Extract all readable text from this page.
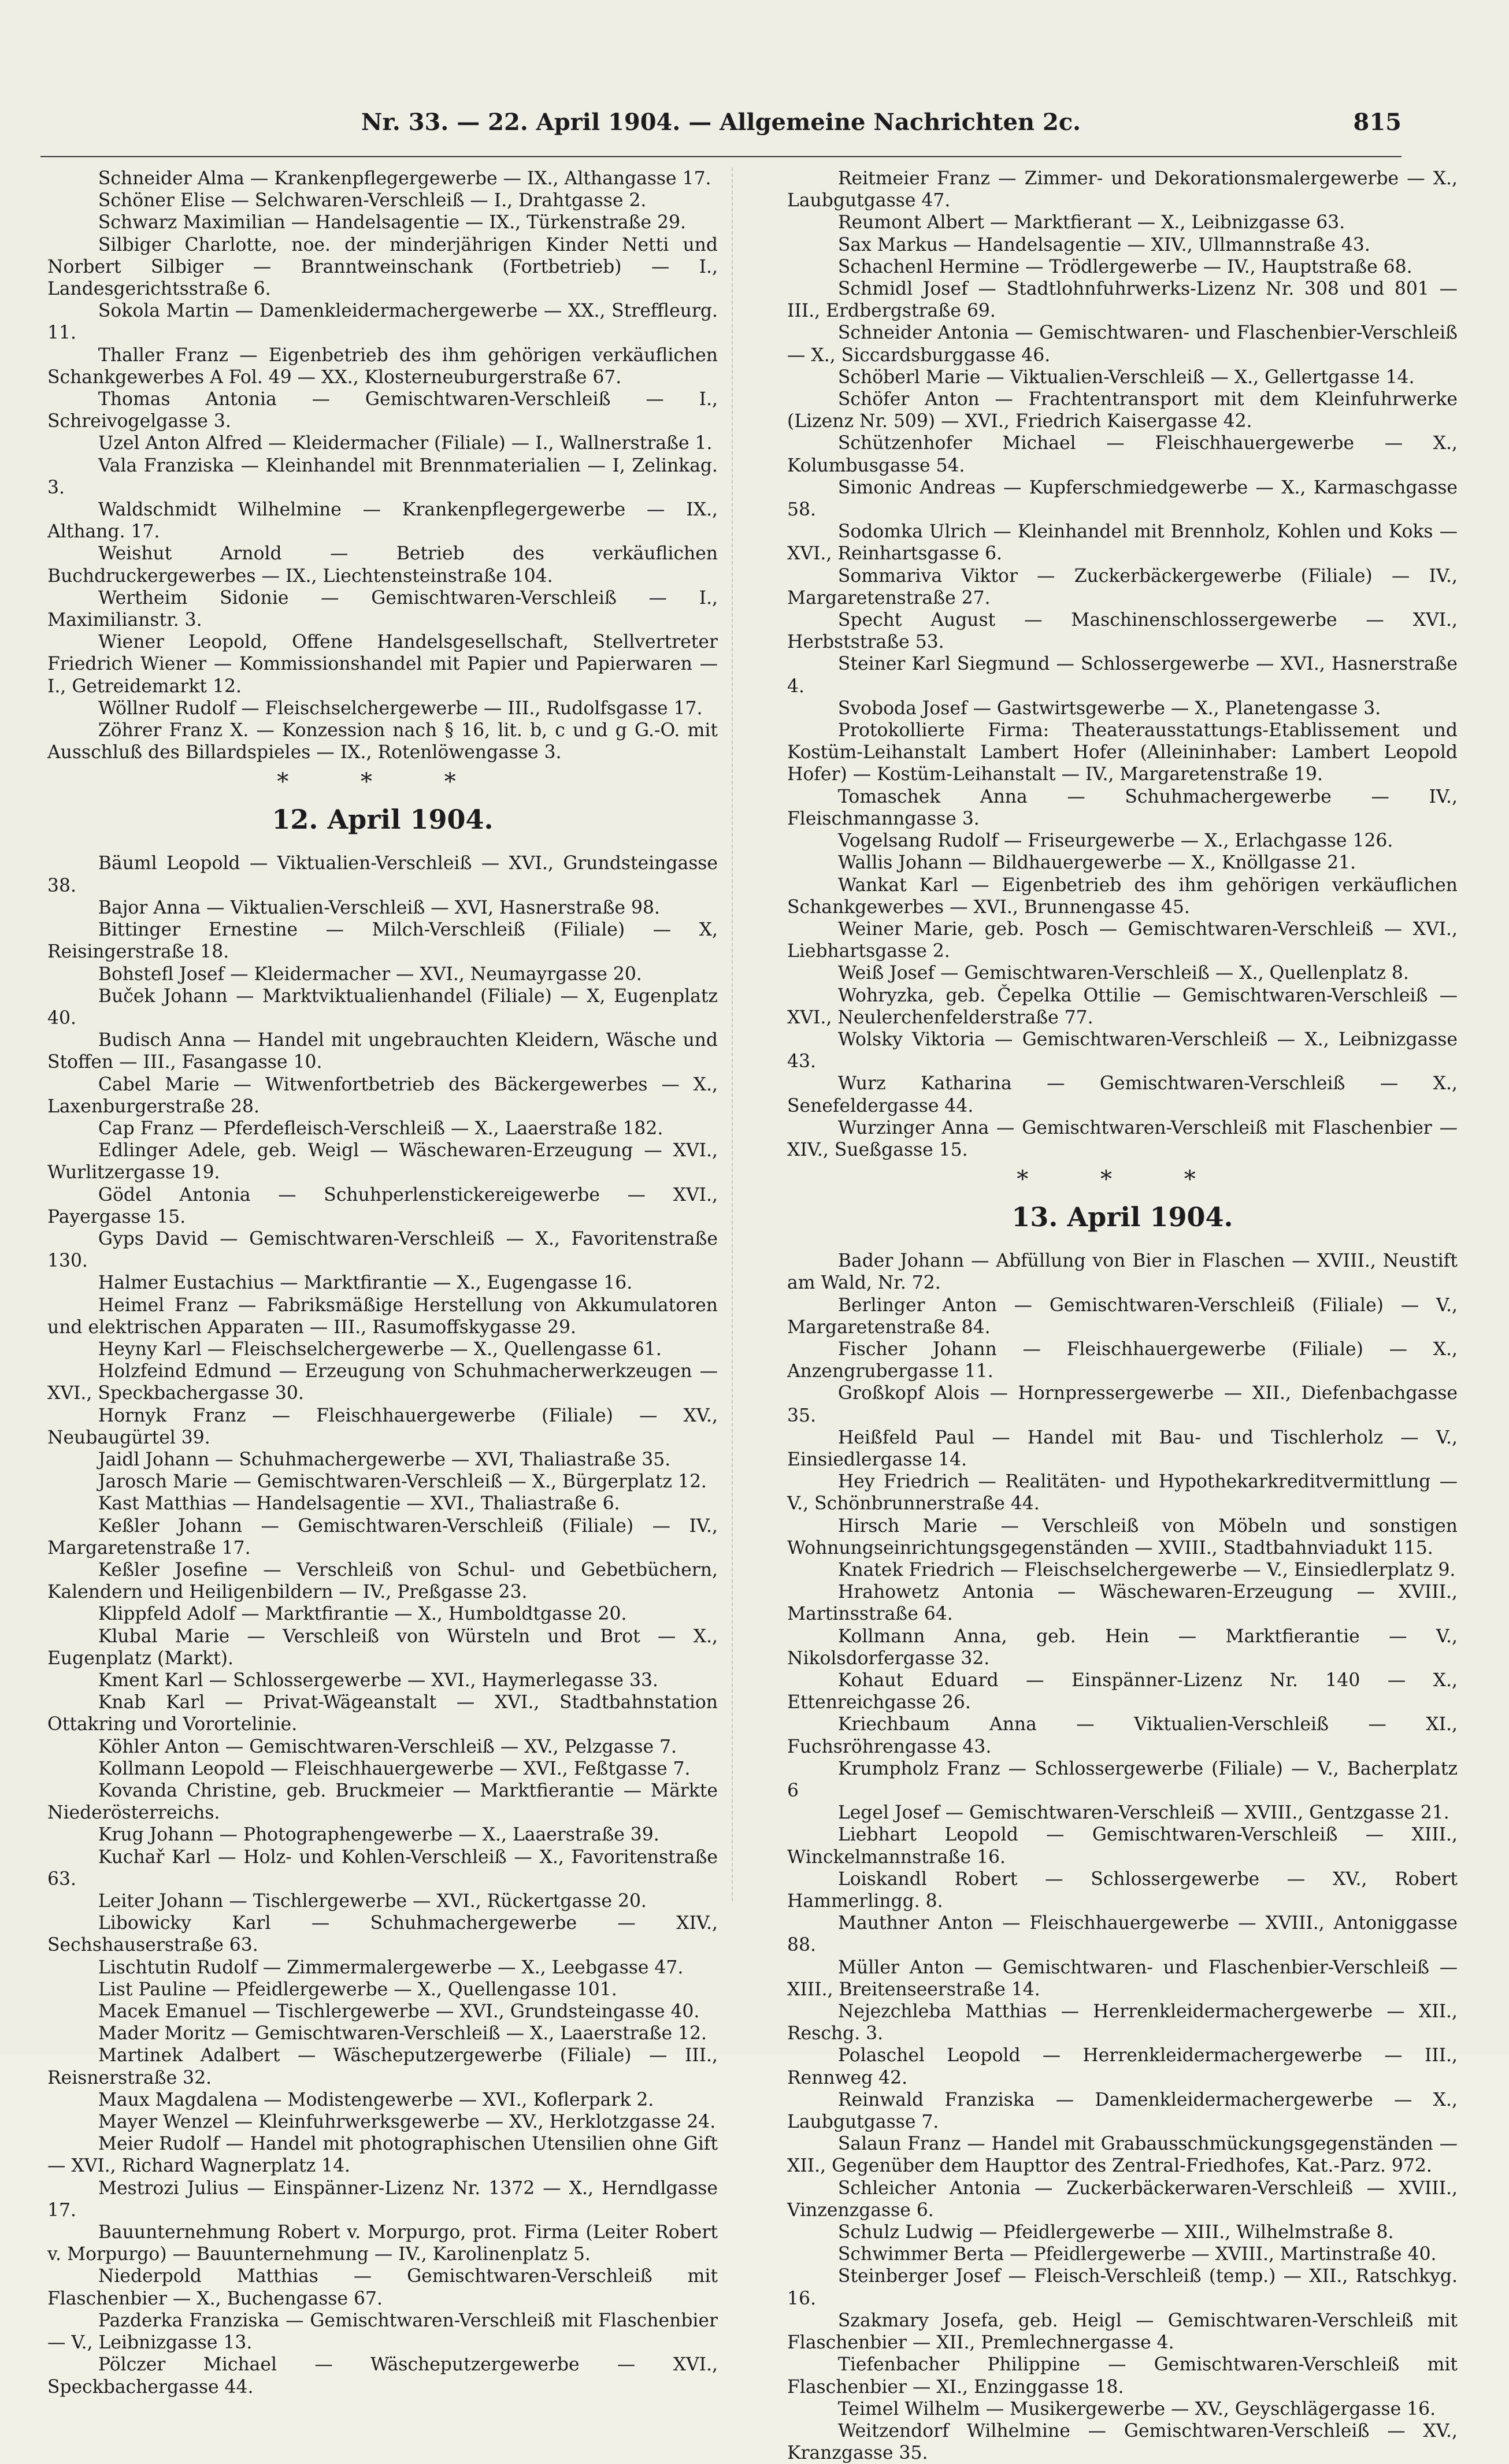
Nr. 33. — 22. April 1904. — Allgemeine Nachrichten 2c.	815

Schneider Alma — Krankenpflegergewerbe — IX., Althangasse 17.

Schöner Elise — Selchwaren-Verschleiß — I., Drahtgasse 2.

Schwarz Maximilian — Handelsagentie — IX., Türkenstraße 29.

Silbiger Charlotte, noe. der minderjährigen Kinder Netti und Norbert Silbiger — Branntweinschank (Fortbetrieb) — I., Landesgerichtsstraße 6.

Sokola Martin — Damenkleidermachergewerbe — XX., Streffleurg. 11.

Thaller Franz — Eigenbetrieb des ihm gehörigen verkäuflichen Schankgewerbes A Fol. 49 — XX., Klosterneuburgerstraße 67.

Thomas Antonia — Gemischtwaren-Verschleiß — I., Schreivogelgasse 3.

Uzel Anton Alfred — Kleidermacher (Filiale) — I., Wallnerstraße 1.

Vala Franziska — Kleinhandel mit Brennmaterialien — I, Zelinkag. 3.

Waldschmidt Wilhelmine — Krankenpflegergewerbe — IX., Althang. 17.

Weishut Arnold — Betrieb des verkäuflichen Buchdruckergewerbes — IX., Liechtensteinstraße 104.

Wertheim Sidonie — Gemischtwaren-Verschleiß — I., Maximilianstr. 3.

Wiener Leopold, Offene Handelsgesellschaft, Stellvertreter Friedrich Wiener — Kommissionshandel mit Papier und Papierwaren — I., Getreidemarkt 12.

Wöllner Rudolf — Fleischselchergewerbe — III., Rudolfsgasse 17.

Zöhrer Franz X. — Konzession nach § 16, lit. b, c und g G.-O. mit Ausschluß des Billardspieles — IX., Rotenlöwengasse 3.

* * *
12. April 1904.

Bäuml Leopold — Viktualien-Verschleiß — XVI., Grundsteingasse 38.

Bajor Anna — Viktualien-Verschleiß — XVI, Hasnerstraße 98.

Bittinger Ernestine — Milch-Verschleiß (Filiale) — X, Reisingerstraße 18.

Bohstefl Josef — Kleidermacher — XVI., Neumayrgasse 20.

Buček Johann — Marktviktualienhandel (Filiale) — X, Eugenplatz 40.

Budisch Anna — Handel mit ungebrauchten Kleidern, Wäsche und Stoffen — III., Fasangasse 10.

Cabel Marie — Witwenfortbetrieb des Bäckergewerbes — X., Laxenburgerstraße 28.

Cap Franz — Pferdefleisch-Verschleiß — X., Laaerstraße 182.

Edlinger Adele, geb. Weigl — Wäschewaren-Erzeugung — XVI., Wurlitzergasse 19.

Gödel Antonia — Schuhperlenstickereigewerbe — XVI., Payergasse 15.

Gyps David — Gemischtwaren-Verschleiß — X., Favoritenstraße 130.

Halmer Eustachius — Marktfirantie — X., Eugengasse 16.

Heimel Franz — Fabriksmäßige Herstellung von Akkumulatoren und elektrischen Apparaten — III., Rasumoffskygasse 29.

Heyny Karl — Fleischselchergewerbe — X., Quellengasse 61.

Holzfeind Edmund — Erzeugung von Schuhmacherwerkzeugen — XVI., Speckbachergasse 30.

Hornyk Franz — Fleischhauergewerbe (Filiale) — XV., Neubaugürtel 39.

Jaidl Johann — Schuhmachergewerbe — XVI, Thaliastraße 35.

Jarosch Marie — Gemischtwaren-Verschleiß — X., Bürgerplatz 12.

Kast Matthias — Handelsagentie — XVI., Thaliastraße 6.

Keßler Johann — Gemischtwaren-Verschleiß (Filiale) — IV., Margaretenstraße 17.

Keßler Josefine — Verschleiß von Schul- und Gebetbüchern, Kalendern und Heiligenbildern — IV., Preßgasse 23.

Klippfeld Adolf — Marktfirantie — X., Humboldtgasse 20.

Klubal Marie — Verschleiß von Würsteln und Brot — X., Eugenplatz (Markt).

Kment Karl — Schlossergewerbe — XVI., Haymerlegasse 33.

Knab Karl — Privat-Wägeanstalt — XVI., Stadtbahnstation Ottakring und Vorortelinie.

Köhler Anton — Gemischtwaren-Verschleiß — XV., Pelzgasse 7.

Kollmann Leopold — Fleischhauergewerbe — XVI., Feßtgasse 7.

Kovanda Christine, geb. Bruckmeier — Marktfierantie — Märkte Niederösterreichs.

Krug Johann — Photographengewerbe — X., Laaerstraße 39.

Kuchař Karl — Holz- und Kohlen-Verschleiß — X., Favoritenstraße 63.

Leiter Johann — Tischlergewerbe — XVI., Rückertgasse 20.

Libowicky Karl — Schuhmachergewerbe — XIV., Sechshauserstraße 63.

Lischtutin Rudolf — Zimmermalergewerbe — X., Leebgasse 47.

List Pauline — Pfeidlergewerbe — X., Quellengasse 101.

Macek Emanuel — Tischlergewerbe — XVI., Grundsteingasse 40.

Mader Moritz — Gemischtwaren-Verschleiß — X., Laaerstraße 12.

Martinek Adalbert — Wäscheputzergewerbe (Filiale) — III., Reisnerstraße 32.

Maux Magdalena — Modistengewerbe — XVI., Koflerpark 2.

Mayer Wenzel — Kleinfuhrwerksgewerbe — XV., Herklotzgasse 24.

Meier Rudolf — Handel mit photographischen Utensilien ohne Gift — XVI., Richard Wagnerplatz 14.

Mestrozi Julius — Einspänner-Lizenz Nr. 1372 — X., Herndlgasse 17.

Bauunternehmung Robert v. Morpurgo, prot. Firma (Leiter Robert v. Morpurgo) — Bauunternehmung — IV., Karolinenplatz 5.

Niederpold Matthias — Gemischtwaren-Verschleiß mit Flaschenbier — X., Buchengasse 67.

Pazderka Franziska — Gemischtwaren-Verschleiß mit Flaschenbier — V., Leibnizgasse 13.

Pölczer Michael — Wäscheputzergewerbe — XVI., Speckbachergasse 44.

Reitmeier Franz — Zimmer- und Dekorationsmalergewerbe — X., Laubgutgasse 47.

Reumont Albert — Marktfierant — X., Leibnizgasse 63.

Sax Markus — Handelsagentie — XIV., Ullmannstraße 43.

Schachenl Hermine — Trödlergewerbe — IV., Hauptstraße 68.

Schmidl Josef — Stadtlohnfuhrwerks-Lizenz Nr. 308 und 801 — III., Erdbergstraße 69.

Schneider Antonia — Gemischtwaren- und Flaschenbier-Verschleiß — X., Siccardsburggasse 46.

Schöberl Marie — Viktualien-Verschleiß — X., Gellertgasse 14.

Schöfer Anton — Frachtentransport mit dem Kleinfuhrwerke (Lizenz Nr. 509) — XVI., Friedrich Kaisergasse 42.

Schützenhofer Michael — Fleischhauergewerbe — X., Kolumbusgasse 54.

Simonic Andreas — Kupferschmiedgewerbe — X., Karmaschgasse 58.

Sodomka Ulrich — Kleinhandel mit Brennholz, Kohlen und Koks — XVI., Reinhartsgasse 6.

Sommariva Viktor — Zuckerbäckergewerbe (Filiale) — IV., Margaretenstraße 27.

Specht August — Maschinenschlossergewerbe — XVI., Herbststraße 53.

Steiner Karl Siegmund — Schlossergewerbe — XVI., Hasnerstraße 4.

Svoboda Josef — Gastwirtsgewerbe — X., Planetengasse 3.

Protokollierte Firma: Theaterausstattungs-Etablissement und Kostüm-Leihanstalt Lambert Hofer (Alleininhaber: Lambert Leopold Hofer) — Kostüm-Leihanstalt — IV., Margaretenstraße 19.

Tomaschek Anna — Schuhmachergewerbe — IV., Fleischmanngasse 3.

Vogelsang Rudolf — Friseurgewerbe — X., Erlachgasse 126.

Wallis Johann — Bildhauergewerbe — X., Knöllgasse 21.

Wankat Karl — Eigenbetrieb des ihm gehörigen verkäuflichen Schankgewerbes — XVI., Brunnengasse 45.

Weiner Marie, geb. Posch — Gemischtwaren-Verschleiß — XVI., Liebhartsgasse 2.

Weiß Josef — Gemischtwaren-Verschleiß — X., Quellenplatz 8.

Wohryzka, geb. Čepelka Ottilie — Gemischtwaren-Verschleiß — XVI., Neulerchenfelderstraße 77.

Wolsky Viktoria — Gemischtwaren-Verschleiß — X., Leibnizgasse 43.

Wurz Katharina — Gemischtwaren-Verschleiß — X., Senefeldergasse 44.

Wurzinger Anna — Gemischtwaren-Verschleiß mit Flaschenbier — XIV., Sueßgasse 15.

* * *
13. April 1904.

Bader Johann — Abfüllung von Bier in Flaschen — XVIII., Neustift am Wald, Nr. 72.

Berlinger Anton — Gemischtwaren-Verschleiß (Filiale) — V., Margaretenstraße 84.

Fischer Johann — Fleischhauergewerbe (Filiale) — X., Anzengrubergasse 11.

Großkopf Alois — Hornpressergewerbe — XII., Diefenbachgasse 35.

Heißfeld Paul — Handel mit Bau- und Tischlerholz — V., Einsiedlergasse 14.

Hey Friedrich — Realitäten- und Hypothekarkreditvermittlung — V., Schönbrunnerstraße 44.

Hirsch Marie — Verschleiß von Möbeln und sonstigen Wohnungseinrichtungsgegenständen — XVIII., Stadtbahnviadukt 115.

Knatek Friedrich — Fleischselchergewerbe — V., Einsiedlerplatz 9.

Hrahowetz Antonia — Wäschewaren-Erzeugung — XVIII., Martinsstraße 64.

Kollmann Anna, geb. Hein — Marktfierantie — V., Nikolsdorfergasse 32.

Kohaut Eduard — Einspänner-Lizenz Nr. 140 — X., Ettenreichgasse 26.

Kriechbaum Anna — Viktualien-Verschleiß — XI., Fuchsröhrengasse 43.

Krumpholz Franz — Schlossergewerbe (Filiale) — V., Bacherplatz 6

Legel Josef — Gemischtwaren-Verschleiß — XVIII., Gentzgasse 21.

Liebhart Leopold — Gemischtwaren-Verschleiß — XIII., Winckelmannstraße 16.

Loiskandl Robert — Schlossergewerbe — XV., Robert Hammerlingg. 8.

Mauthner Anton — Fleischhauergewerbe — XVIII., Antoniggasse 88.

Müller Anton — Gemischtwaren- und Flaschenbier-Verschleiß — XIII., Breitenseerstraße 14.

Nejezchleba Matthias — Herrenkleidermachergewerbe — XII., Reschg. 3.

Polaschel Leopold — Herrenkleidermachergewerbe — III., Rennweg 42.

Reinwald Franziska — Damenkleidermachergewerbe — X., Laubgutgasse 7.

Salaun Franz — Handel mit Grabausschmückungsgegenständen — XII., Gegenüber dem Haupttor des Zentral-Friedhofes, Kat.-Parz. 972.

Schleicher Antonia — Zuckerbäckerwaren-Verschleiß — XVIII., Vinzenzgasse 6.

Schulz Ludwig — Pfeidlergewerbe — XIII., Wilhelmstraße 8.

Schwimmer Berta — Pfeidlergewerbe — XVIII., Martinstraße 40.

Steinberger Josef — Fleisch-Verschleiß (temp.) — XII., Ratschkyg. 16.

Szakmary Josefa, geb. Heigl — Gemischtwaren-Verschleiß mit Flaschenbier — XII., Premlechnergasse 4.

Tiefenbacher Philippine — Gemischtwaren-Verschleiß mit Flaschenbier — XI., Enzinggasse 18.

Teimel Wilhelm — Musikergewerbe — XV., Geyschlägergasse 16.

Weitzendorf Wilhelmine — Gemischtwaren-Verschleiß — XV., Kranzgasse 35.
